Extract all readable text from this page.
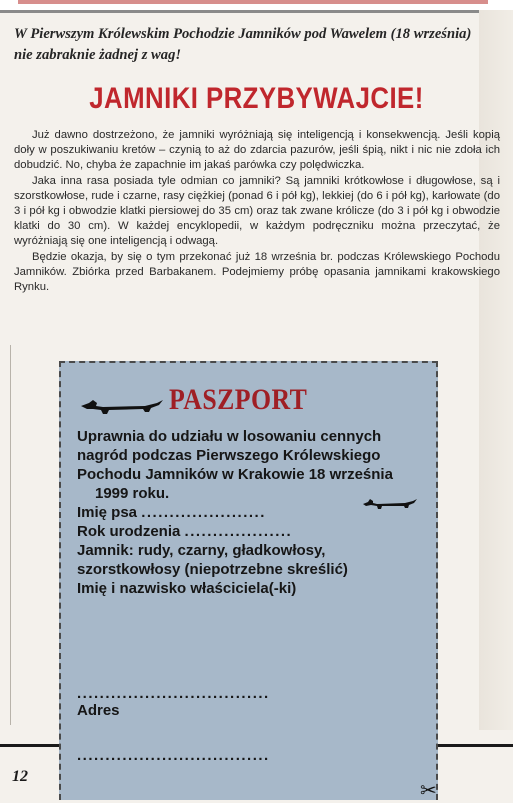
W Pierwszym Królewskim Pochodzie Jamników pod Wawelem (18 września) nie zabraknie żadnej z wag!

JAMNIKI PRZYBYWAJCIE!

Już dawno dostrzeżono, że jamniki wyróżniają się inteligencją i konsekwencją. Jeśli kopią doły w poszukiwaniu kretów – czynią to aż do zdarcia pazurów, jeśli śpią, nikt i nic nie zdoła ich dobudzić. No, chyba że zapachnie im jakaś parówka czy polędwiczka.

Jaka inna rasa posiada tyle odmian co jamniki? Są jamniki krótkowłose i długowłose, są i szorstkowłose, rude i czarne, rasy ciężkiej (ponad 6 i pół kg), lekkiej (do 6 i pół kg), karłowate (do 3 i pół kg i obwodzie klatki piersiowej do 35 cm) oraz tak zwane króliczе (do 3 i pół kg i obwodzie klatki do 30 cm). W każdej encyklopedii, w każdym podręczniku można przeczytać, że wyróżniają się one inteligencją i odwagą.

Będzie okazja, by się o tym przekonać już 18 września br. podczas Królewskiego Pochodu Jamników. Zbiórka przed Barbakanem. Podejmiemy próbę opasania jamnikami krakowskiego Rynku.

12
PASZPORT

Uprawnia do udziału w losowaniu cennych nagród podczas Pierwszego Królewskiego Pochodu Jamników w Krakowie 18 września
1999 roku.

Imię psa ......................

Rok urodzenia ...................

Jamnik: rudy, czarny, gładkowłosy, szorstkowłosy (niepotrzebne skreślić)

Imię i nazwisko właściciela(-ki)

..................................

Adres

..................................
✂
